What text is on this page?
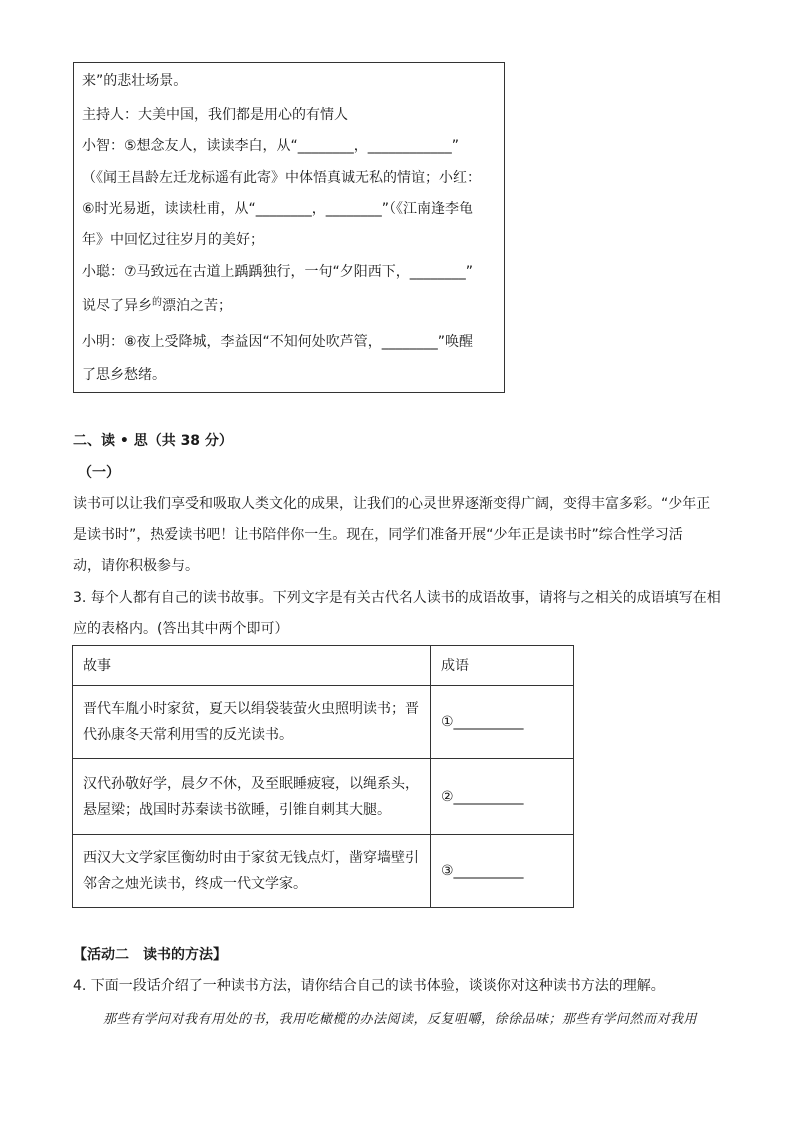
来”的悲壮场景。
主持人：大美中国，我们都是用心的有情人
小智：⑤想念友人，读读李白，从“________，____________”
（《闻王昌龄左迁龙标遥有此寄》中体悟真诚无私的情谊；小红：
⑥时光易逝，读读杜甫，从“________，________”（《江南逢李龟
年》中回忆过往岁月的美好；
小聪：⑦马致远在古道上踽踽独行，一句“夕阳西下，________”
说尽了异乡$^的$漂泊之苦；
小明：⑧夜上受降城，李益因“不知何处吹芦管，________”唤醒
了思乡愁绪。
二、读 • 思（共 38 分）
（一）
读书可以让我们享受和吸取人类文化的成果，让我们的心灵世界逐渐变得广阔，变得丰富多彩。“少年正
是读书时”，热爱读书吧！让书陪伴你一生。现在，同学们准备开展“少年正是读书时”综合性学习活
动，请你积极参与。
3. 每个人都有自己的读书故事。下列文字是有关古代名人读书的成语故事，请将与之相关的成语填写在相
应的表格内。(答出其中两个即可）
故事	成语

晋代车胤小时家贫，夏天以绢袋装萤火虫照明读书；晋
代孙康冬天常利用雪的反光读书。	①__________

汉代孙敬好学，晨夕不休，及至眠睡疲寝，以绳系头，
悬屋梁；战国时苏秦读书欲睡，引锥自刺其大腿。	②__________

西汉大文学家匡衡幼时由于家贫无钱点灯，凿穿墙壁引
邻舍之烛光读书，终成一代文学家。	③__________
【活动二　读书的方法】
4. 下面一段话介绍了一种读书方法，请你结合自己的读书体验，谈谈你对这种读书方法的理解。
那些有学问对我有用处的书，我用吃橄榄的办法阅读，反复咀嚼，徐徐品味；那些有学问然而对我用
